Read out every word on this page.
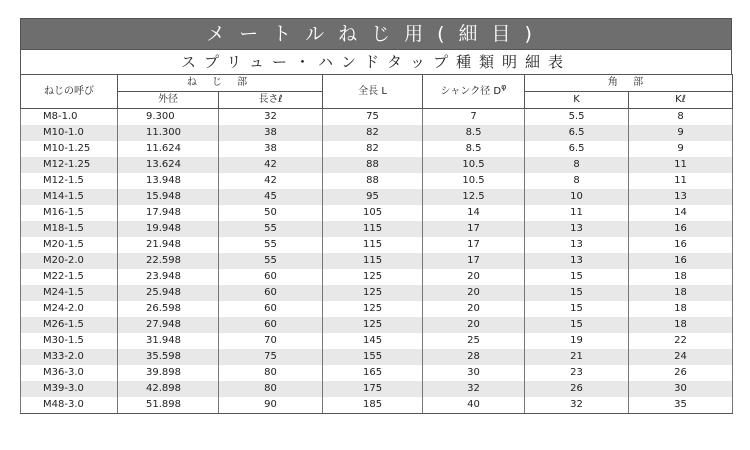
メートルねじ用(細目)
スプリュー・ハンドタップ種類明細表
ねじの呼び	ね じ 部		全長 L	シャンク径 $D^\varphi$	角 部	
	外径	長さℓ			K	Kℓ
M8-1.0	9.300	32	75	7	5.5	8
M10-1.0	11.300	38	82	8.5	6.5	9
M10-1.25	11.624	38	82	8.5	6.5	9
M12-1.25	13.624	42	88	10.5	8	11
M12-1.5	13.948	42	88	10.5	8	11
M14-1.5	15.948	45	95	12.5	10	13
M16-1.5	17.948	50	105	14	11	14
M18-1.5	19.948	55	115	17	13	16
M20-1.5	21.948	55	115	17	13	16
M20-2.0	22.598	55	115	17	13	16
M22-1.5	23.948	60	125	20	15	18
M24-1.5	25.948	60	125	20	15	18
M24-2.0	26.598	60	125	20	15	18
M26-1.5	27.948	60	125	20	15	18
M30-1.5	31.948	70	145	25	19	22
M33-2.0	35.598	75	155	28	21	24
M36-3.0	39.898	80	165	30	23	26
M39-3.0	42.898	80	175	32	26	30
M48-3.0	51.898	90	185	40	32	35
